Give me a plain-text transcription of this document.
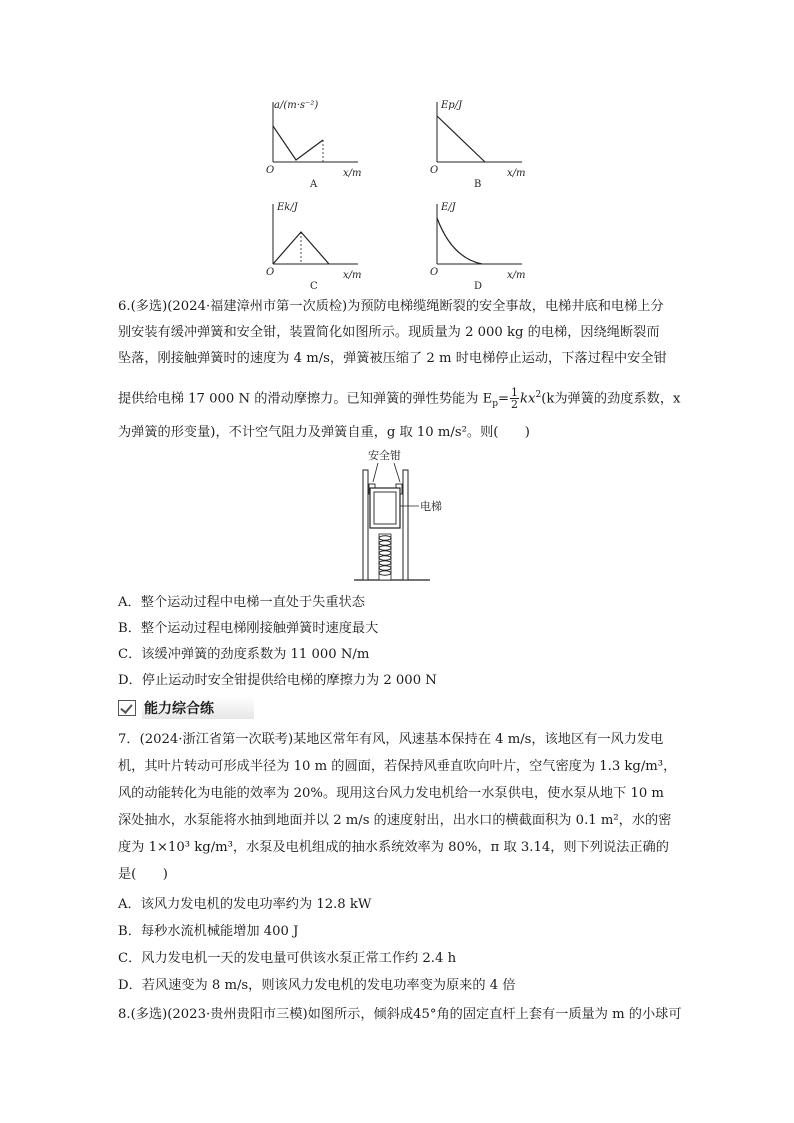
a/(m·s⁻²)
O	x/m
A
Ep/J
O	x/m
B
Ek/J
O	x/m
C
E/J
O	x/m
D
6.(多选)(2024·福建漳州市第一次质检)为预防电梯缆绳断裂的安全事故，电梯井底和电梯上分
别安装有缓冲弹簧和安全钳，装置简化如图所示。现质量为 2 000 kg 的电梯，因绕绳断裂而
坠落，刚接触弹簧时的速度为 4 m/s，弹簧被压缩了 2 m 时电梯停止运动，下落过程中安全钳
提供给电梯 17 000 N 的滑动摩擦力。已知弹簧的弹性势能为 $E_p= \frac{1}{2} kx^2(k$为弹簧的劲度系数，x
为弹簧的形变量)，不计空气阻力及弹簧自重，g 取 10 m/s²。则(　　)
安全钳
电梯
A．整个运动过程中电梯一直处于失重状态
B．整个运动过程电梯刚接触弹簧时速度最大
C．该缓冲弹簧的劲度系数为 11 000 N/m
D．停止运动时安全钳提供给电梯的摩擦力为 2 000 N
能力综合练
7．(2024·浙江省第一次联考)某地区常年有风，风速基本保持在 4 m/s，该地区有一风力发电
机，其叶片转动可形成半径为 10 m 的圆面，若保持风垂直吹向叶片，空气密度为 1.3 kg/m³，
风的动能转化为电能的效率为 20%。现用这台风力发电机给一水泵供电，使水泵从地下 10 m
深处抽水，水泵能将水抽到地面并以 2 m/s 的速度射出，出水口的横截面积为 0.1 m²，水的密
度为 1×10³ kg/m³，水泵及电机组成的抽水系统效率为 80%，π 取 3.14，则下列说法正确的
是(　　)
A．该风力发电机的发电功率约为 12.8 kW
B．每秒水流机械能增加 400 J
C．风力发电机一天的发电量可供该水泵正常工作约 2.4 h
D．若风速变为 8 m/s，则该风力发电机的发电功率变为原来的 4 倍
8.(多选)(2023·贵州贵阳市三模)如图所示，倾斜成45°角的固定直杆上套有一质量为 m 的小球可
